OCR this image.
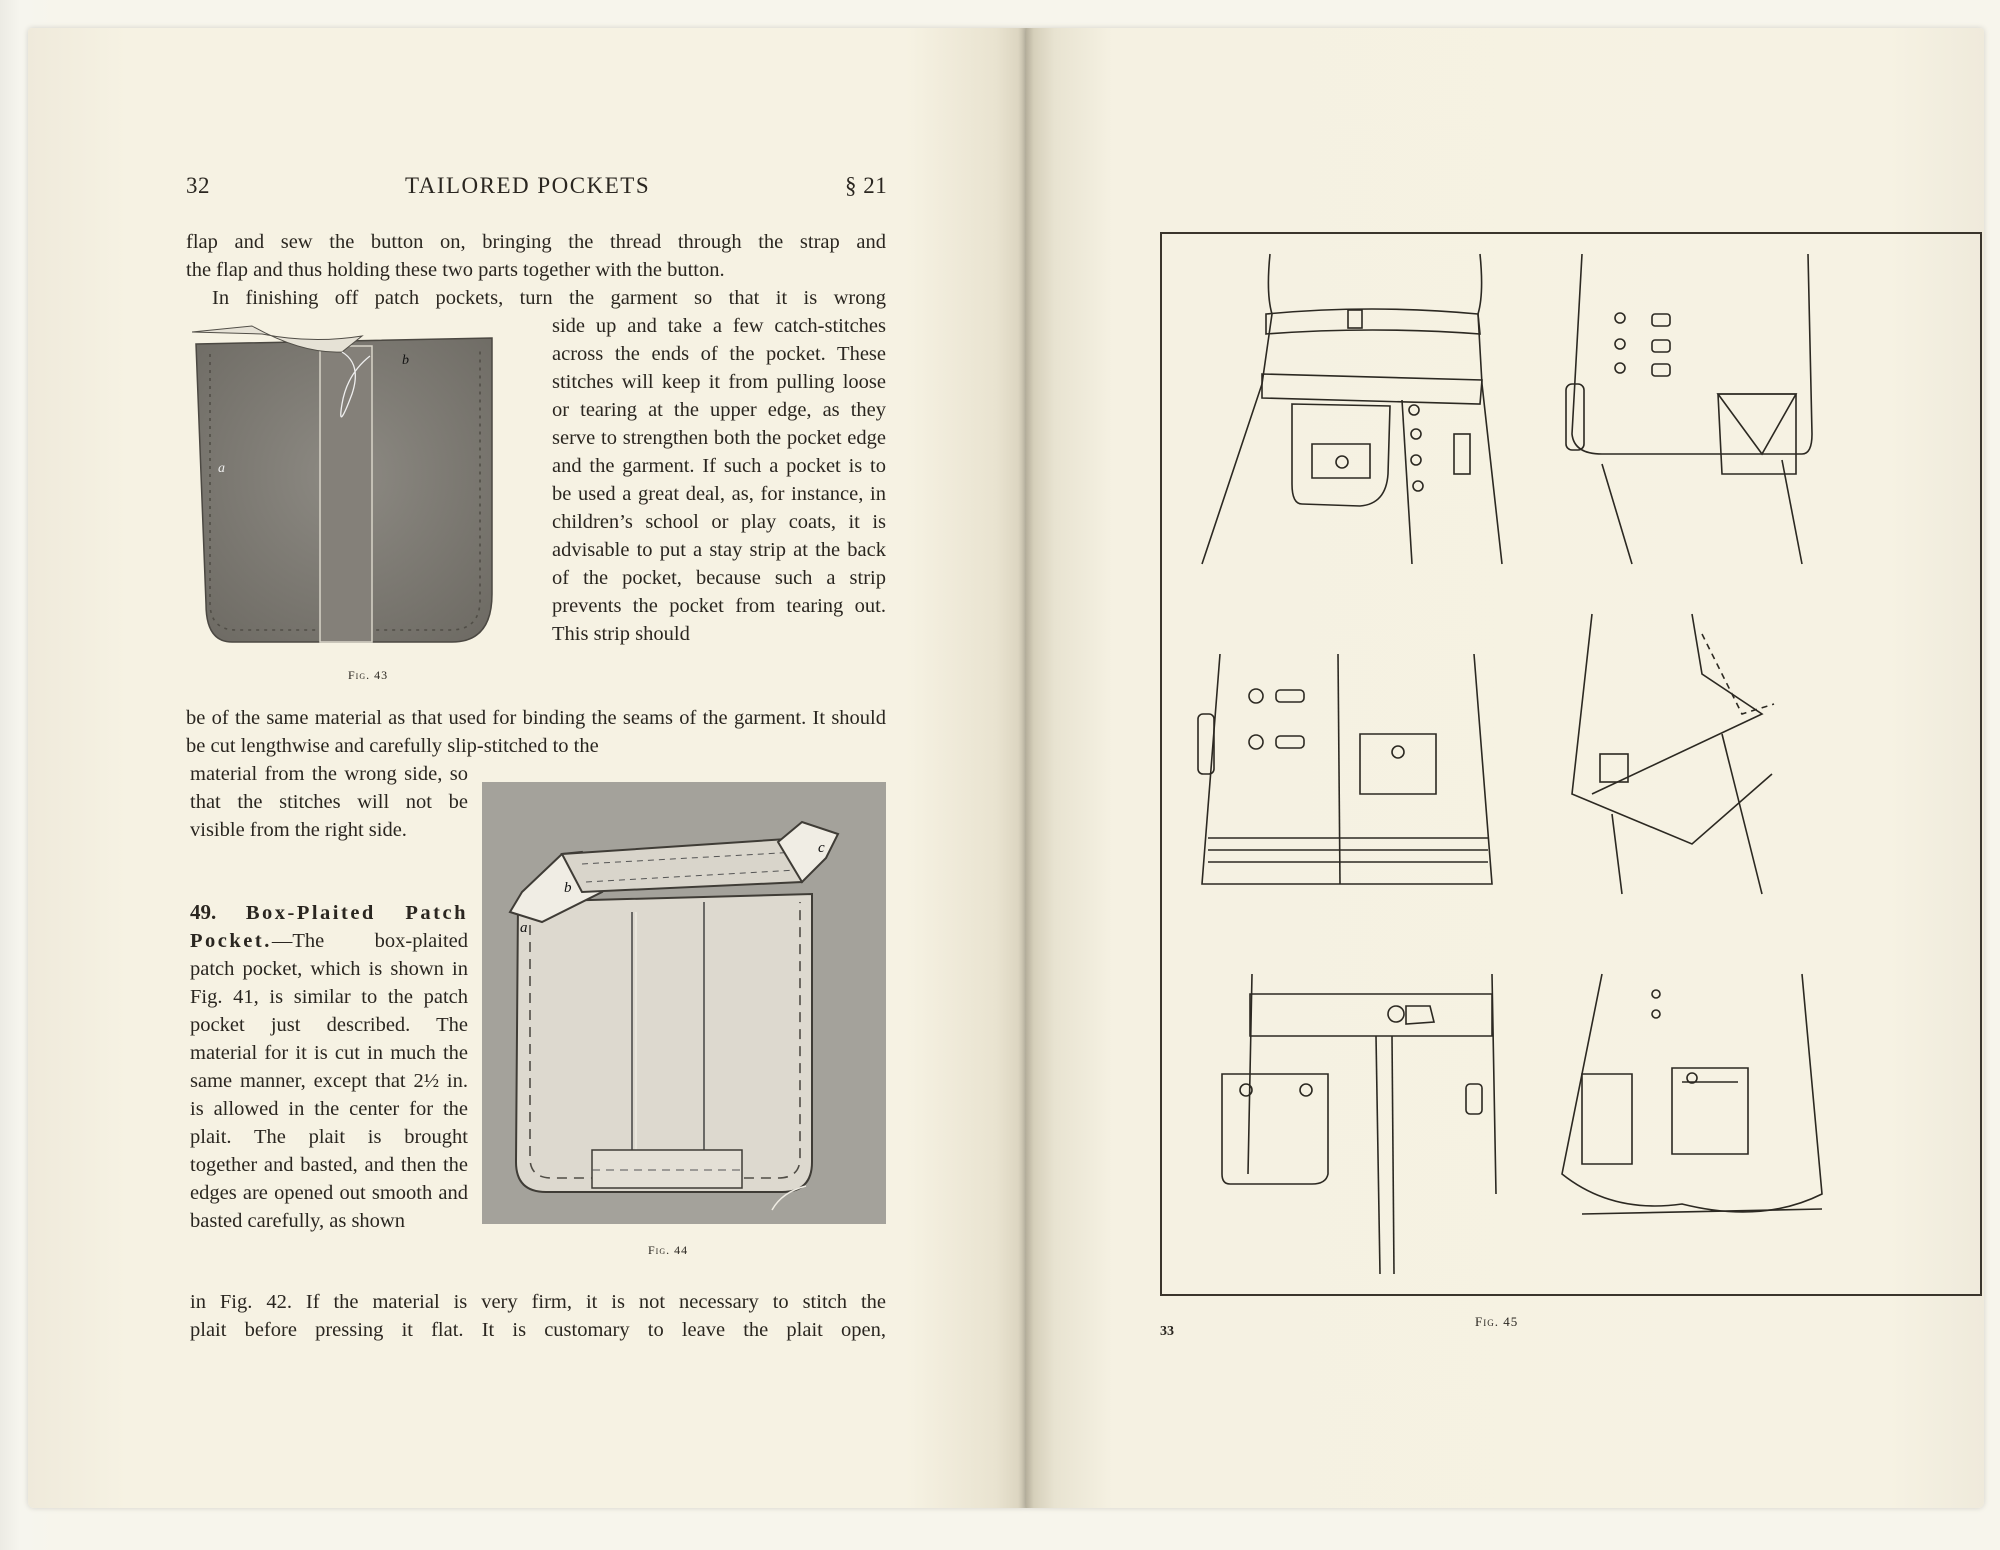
32	TAILORED POCKETS	§ 21

flap and sew the button on, bringing the thread through the strap and

the flap and thus holding these two parts together with the button.

In finishing off patch pockets, turn the garment so that it is wrong

b
a
Fig. 43

side up and take a few catch-stitches across the ends of the pocket. These stitches will keep it from pulling loose or tearing at the upper edge, as they serve to strengthen both the pocket edge and the garment. If such a pocket is to be used a great deal, as, for instance, in children’s school or play coats, it is advisable to put a stay strip at the back of the pocket, because such a strip prevents the pocket from tearing out. This strip should

be of the same material as that used for binding the seams of the garment. It should be cut lengthwise and carefully slip-stitched to the

material from the wrong side, so that the stitches will not be visible from the right side.

49. Box-Plaited Patch Pocket.—The box-plaited patch pocket, which is shown in Fig. 41, is similar to the patch pocket just described. The material for it is cut in much the same manner, except that 2½ in. is allowed in the center for the plait. The plait is brought together and basted, and then the edges are opened out smooth and basted carefully, as shown

a
b
c
Fig. 44

in Fig. 42. If the material is very firm, it is not necessary to stitch the

plait before pressing it flat. It is customary to leave the plait open,	33
Fig. 45
